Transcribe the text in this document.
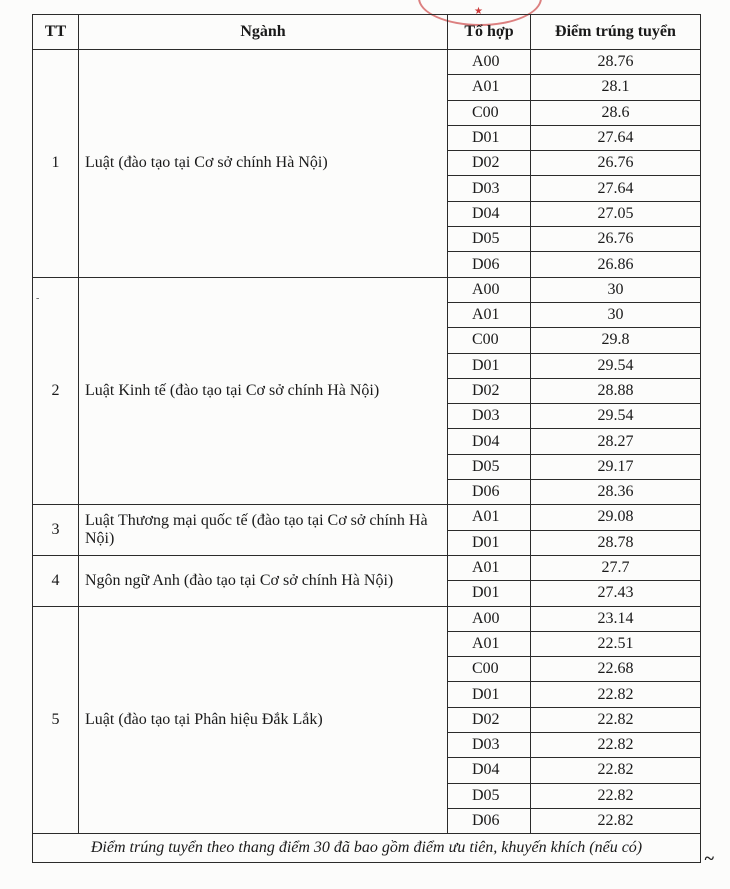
★
-
TT	Ngành	Tổ hợp	Điểm trúng tuyển
1	Luật (đào tạo tại Cơ sở chính Hà Nội)	A00	28.76
		A01	28.1
		C00	28.6
		D01	27.64
		D02	26.76
		D03	27.64
		D04	27.05
		D05	26.76
		D06	26.86
2	Luật Kinh tế (đào tạo tại Cơ sở chính Hà Nội)	A00	30
		A01	30
		C00	29.8
		D01	29.54
		D02	28.88
		D03	29.54
		D04	28.27
		D05	29.17
		D06	28.36
3	Luật Thương mại quốc tế (đào tạo tại Cơ sở chính Hà Nội)	A01	29.08
		D01	28.78
4	Ngôn ngữ Anh (đào tạo tại Cơ sở chính Hà Nội)	A01	27.7
		D01	27.43
5	Luật (đào tạo tại Phân hiệu Đắk Lắk)	A00	23.14
		A01	22.51
		C00	22.68
		D01	22.82
		D02	22.82
		D03	22.82
		D04	22.82
		D05	22.82
		D06	22.82
Điểm trúng tuyển theo thang điểm 30 đã bao gồm điểm ưu tiên, khuyến khích (nếu có)			
~
